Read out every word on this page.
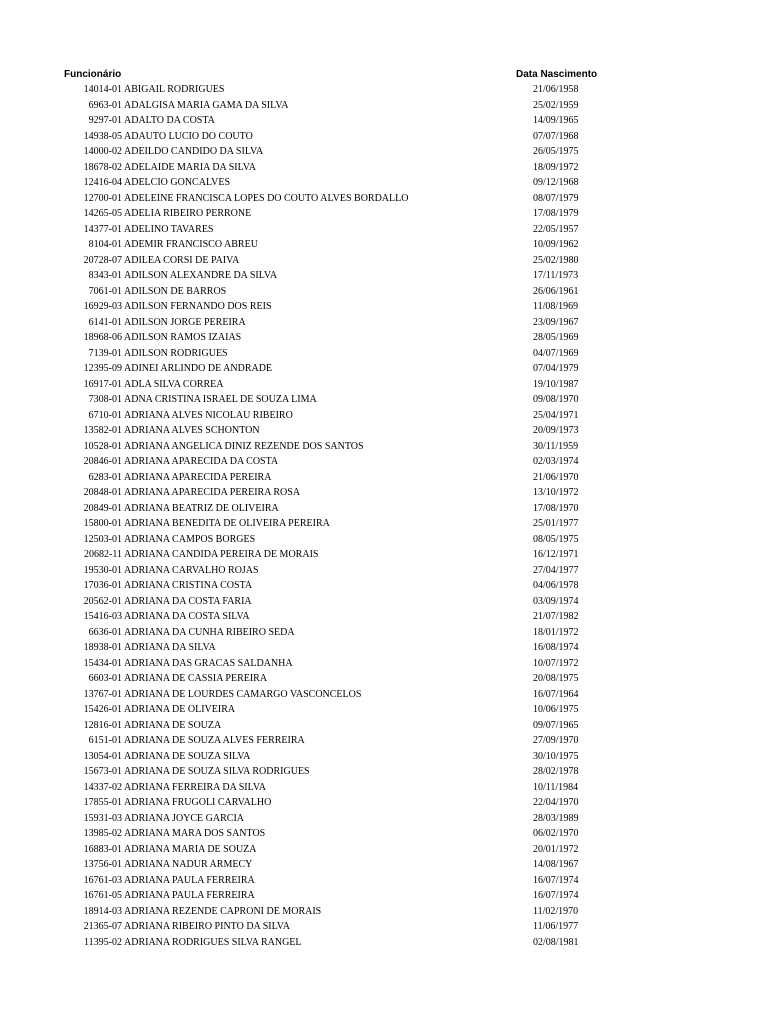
Funcionário	Data Nascimento
14014-01 ABIGAIL RODRIGUES	21/06/1958
6963-01 ADALGISA MARIA GAMA DA SILVA	25/02/1959
9297-01 ADALTO DA COSTA	14/09/1965
14938-05 ADAUTO LUCIO DO COUTO	07/07/1968
14000-02 ADEILDO CANDIDO DA SILVA	26/05/1975
18678-02 ADELAIDE MARIA DA SILVA	18/09/1972
12416-04 ADELCIO GONCALVES	09/12/1968
12700-01 ADELEINE FRANCISCA LOPES DO COUTO ALVES BORDALLO	08/07/1979
14265-05 ADELIA RIBEIRO PERRONE	17/08/1979
14377-01 ADELINO TAVARES	22/05/1957
8104-01 ADEMIR FRANCISCO ABREU	10/09/1962
20728-07 ADILEA CORSI DE PAIVA	25/02/1980
8343-01 ADILSON ALEXANDRE DA SILVA	17/11/1973
7061-01 ADILSON DE BARROS	26/06/1961
16929-03 ADILSON FERNANDO DOS REIS	11/08/1969
6141-01 ADILSON JORGE PEREIRA	23/09/1967
18968-06 ADILSON RAMOS IZAIAS	28/05/1969
7139-01 ADILSON RODRIGUES	04/07/1969
12395-09 ADINEI ARLINDO DE ANDRADE	07/04/1979
16917-01 ADLA SILVA CORREA	19/10/1987
7308-01 ADNA CRISTINA ISRAEL DE SOUZA LIMA	09/08/1970
6710-01 ADRIANA ALVES NICOLAU RIBEIRO	25/04/1971
13582-01 ADRIANA ALVES SCHONTON	20/09/1973
10528-01 ADRIANA ANGELICA DINIZ REZENDE DOS SANTOS	30/11/1959
20846-01 ADRIANA APARECIDA DA COSTA	02/03/1974
6283-01 ADRIANA APARECIDA PEREIRA	21/06/1970
20848-01 ADRIANA APARECIDA PEREIRA ROSA	13/10/1972
20849-01 ADRIANA BEATRIZ DE OLIVEIRA	17/08/1970
15800-01 ADRIANA BENEDITA DE OLIVEIRA PEREIRA	25/01/1977
12503-01 ADRIANA CAMPOS BORGES	08/05/1975
20682-11 ADRIANA CANDIDA PEREIRA DE MORAIS	16/12/1971
19530-01 ADRIANA CARVALHO ROJAS	27/04/1977
17036-01 ADRIANA CRISTINA COSTA	04/06/1978
20562-01 ADRIANA DA COSTA FARIA	03/09/1974
15416-03 ADRIANA DA COSTA SILVA	21/07/1982
6636-01 ADRIANA DA CUNHA RIBEIRO SEDA	18/01/1972
18938-01 ADRIANA DA SILVA	16/08/1974
15434-01 ADRIANA DAS GRACAS SALDANHA	10/07/1972
6603-01 ADRIANA DE CASSIA PEREIRA	20/08/1975
13767-01 ADRIANA DE LOURDES CAMARGO VASCONCELOS	16/07/1964
15426-01 ADRIANA DE OLIVEIRA	10/06/1975
12816-01 ADRIANA DE SOUZA	09/07/1965
6151-01 ADRIANA DE SOUZA ALVES FERREIRA	27/09/1970
13054-01 ADRIANA DE SOUZA SILVA	30/10/1975
15673-01 ADRIANA DE SOUZA SILVA RODRIGUES	28/02/1978
14337-02 ADRIANA FERREIRA DA SILVA	10/11/1984
17855-01 ADRIANA FRUGOLI CARVALHO	22/04/1970
15931-03 ADRIANA JOYCE GARCIA	28/03/1989
13985-02 ADRIANA MARA DOS SANTOS	06/02/1970
16883-01 ADRIANA MARIA DE SOUZA	20/01/1972
13756-01 ADRIANA NADUR ARMECY	14/08/1967
16761-03 ADRIANA PAULA FERREIRA	16/07/1974
16761-05 ADRIANA PAULA FERREIRA	16/07/1974
18914-03 ADRIANA REZENDE CAPRONI DE MORAIS	11/02/1970
21365-07 ADRIANA RIBEIRO PINTO DA SILVA	11/06/1977
11395-02 ADRIANA RODRIGUES SILVA RANGEL	02/08/1981
